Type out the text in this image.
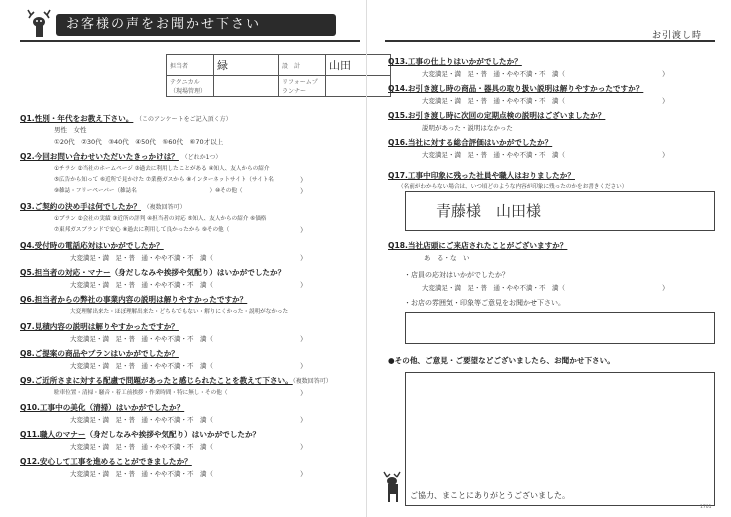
お客様の声をお聞かせ下さい
お引渡し時
担当者	緑	設　計	山田
テクニカル（現場管理）		リフォームプランナー	
Q1.性別・年代をお教え下さい。 （このアンケートをご記入頂く方）
男性　女性
①20代　②30代　③40代　④50代　⑤60代　⑥70才以上
Q2.今回お問い合わせいただいたきっかけは？ （どれか1つ）
①チラシ ②当社のホームページ ③過去に利用したことがある ④知人、友人からの紹介
⑤広告から知って ⑥近所で見かけた ⑦業務ガスから ⑧インターネットサイト（サイト名
⑨雑誌・フリーペーパー（雑誌名　　　　　　　　　　　　　）⑩その他（
）
）
Q3.ご契約の決め手は何でしたか？ （複数回答可）
①プラン ②会社の実績 ③近所の評判 ④担当者の対応 ⑤知人、友人からの紹介 ⑥価格
⑦東邦ガスブランドで安心 ⑧過去に利用して良かったから ⑨その他（	）
Q4.受付時の電話応対はいかがでしたか？
大変満足・満　足・普　通・やや不満・不　満（	）
Q5.担当者の対応・マナー（身だしなみや挨拶や気配り）はいかがでしたか？
大変満足・満　足・普　通・やや不満・不　満（	）
Q6.担当者からの弊社の事業内容の説明は解りやすかったですか？
大変理解出来た・ほぼ理解出来た・どちらでもない・解りにくかった・説明がなかった
Q7.見積内容の説明は解りやすかったですか？
大変満足・満　足・普　通・やや不満・不　満（	）
Q8.ご提案の商品やプランはいかがでしたか？
大変満足・満　足・普　通・やや不満・不　満（	）
Q9.ご近所さまに対する配慮で問題があったと感じられたことを教えて下さい。（複数回答可）
駐車位置・清掃・騒音・着工前挨拶・作業時間・特に無し・その他（	）
Q10.工事中の美化（清掃）はいかがでしたか？
大変満足・満　足・普　通・やや不満・不　満（	）
Q11.職人のマナー（身だしなみや挨拶や気配り）はいかがでしたか？
大変満足・満　足・普　通・やや不満・不　満（	）
Q12.安心して工事を進めることができましたか？
大変満足・満　足・普　通・やや不満・不　満（	）
Q13.工事の仕上りはいかがでしたか？
大変満足・満　足・普　通・やや不満・不　満（	）
Q14.お引き渡し時の商品・器具の取り扱い説明は解りやすかったですか？
大変満足・満　足・普　通・やや不満・不　満（	）
Q15.お引き渡し時に次回の定期点検の説明はございましたか？
説明があった・説明はなかった
Q16.当社に対する総合評価はいかがでしたか？
大変満足・満　足・普　通・やや不満・不　満（	）
Q17.工事中印象に残った社員や職人はおりましたか？
（名前がわからない場合は、いつ頃どのような内容が印象に残ったのかをお書きください）
青藤様　山田様
Q18.当社店頭にご来店されたことがございますか？
あ　る・な　い
・店員の応対はいかがでしたか？
大変満足・満　足・普　通・やや不満・不　満（	）
・お店の雰囲気・印象等ご意見をお聞かせ下さい。
●その他、ご意見・ご要望などございましたら、お聞かせ下さい。
ご協力、まことにありがとうございました。
1701
